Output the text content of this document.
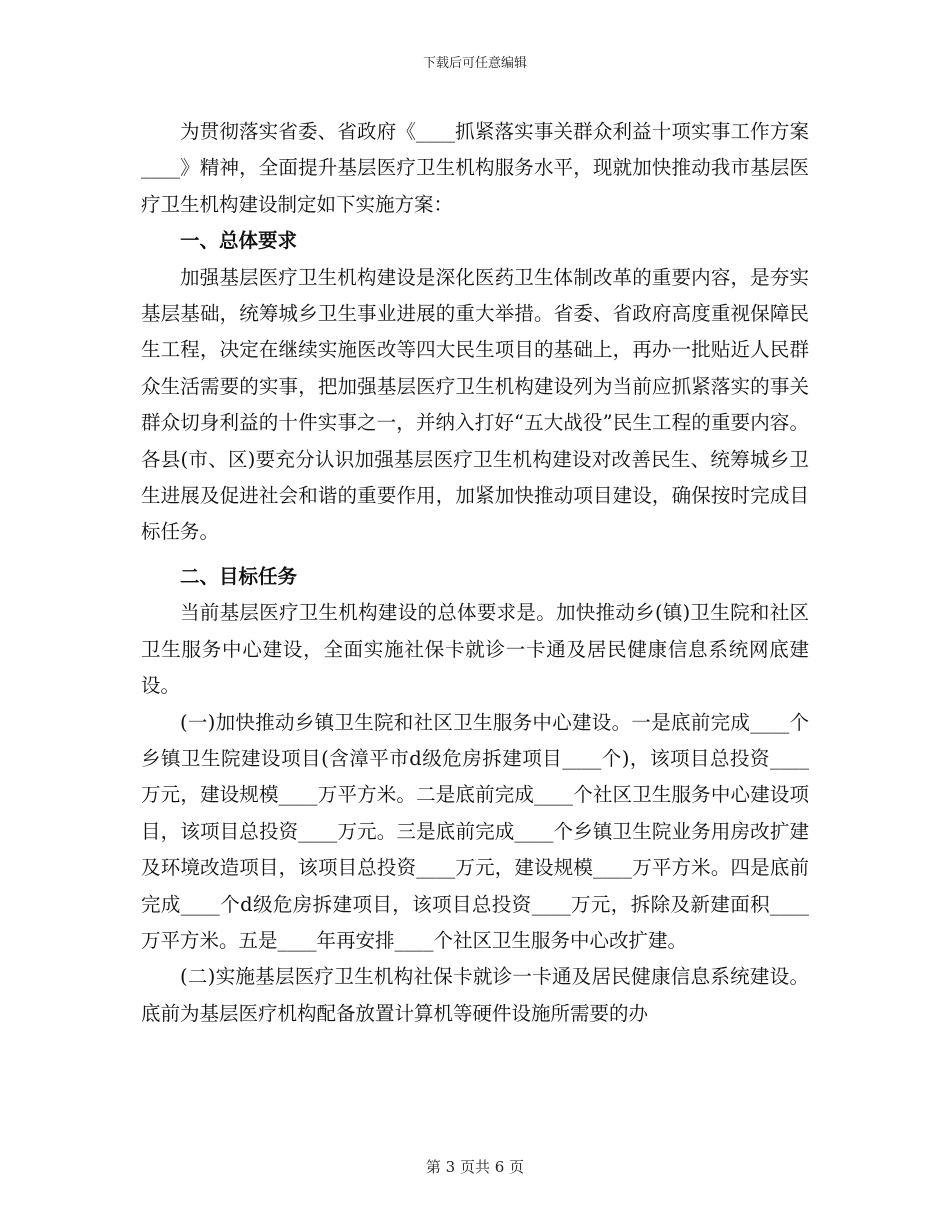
下载后可任意编辑

为贯彻落实省委、省政府《____抓紧落实事关群众利益十项实事工作方案____》精神，全面提升基层医疗卫生机构服务水平，现就加快推动我市基层医疗卫生机构建设制定如下实施方案：

一、总体要求

加强基层医疗卫生机构建设是深化医药卫生体制改革的重要内容，是夯实基层基础，统筹城乡卫生事业进展的重大举措。省委、省政府高度重视保障民生工程，决定在继续实施医改等四大民生项目的基础上，再办一批贴近人民群众生活需要的实事，把加强基层医疗卫生机构建设列为当前应抓紧落实的事关群众切身利益的十件实事之一，并纳入打好“五大战役”民生工程的重要内容。各县(市、区)要充分认识加强基层医疗卫生机构建设对改善民生、统筹城乡卫生进展及促进社会和谐的重要作用，加紧加快推动项目建设，确保按时完成目标任务。

二、目标任务

当前基层医疗卫生机构建设的总体要求是。加快推动乡(镇)卫生院和社区卫生服务中心建设，全面实施社保卡就诊一卡通及居民健康信息系统网底建设。

(一)加快推动乡镇卫生院和社区卫生服务中心建设。一是底前完成____个乡镇卫生院建设项目(含漳平市d级危房拆建项目____个)，该项目总投资____万元，建设规模____万平方米。二是底前完成____个社区卫生服务中心建设项目，该项目总投资____万元。三是底前完成____个乡镇卫生院业务用房改扩建及环境改造项目，该项目总投资____万元，建设规模____万平方米。四是底前完成____个d级危房拆建项目，该项目总投资____万元，拆除及新建面积____万平方米。五是____年再安排____个社区卫生服务中心改扩建。

(二)实施基层医疗卫生机构社保卡就诊一卡通及居民健康信息系统建设。底前为基层医疗机构配备放置计算机等硬件设施所需要的办

第 3 页共 6 页
